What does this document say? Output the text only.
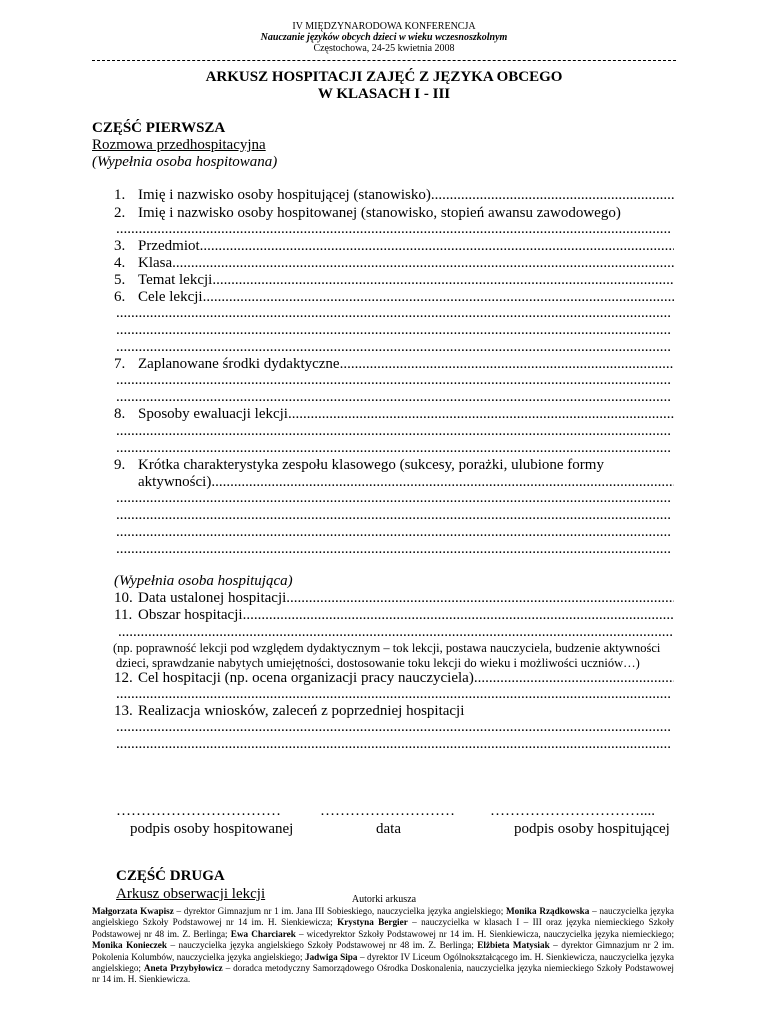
IV MIĘDZYNARODOWA KONFERENCJA
Nauczanie języków obcych dzieci w wieku wczesnoszkolnym
Częstochowa, 24-25 kwietnia 2008
ARKUSZ HOSPITACJI ZAJĘĆ Z JĘZYKA OBCEGO
W KLASACH I - III
CZĘŚĆ PIERWSZA
Rozmowa przedhospitacyjna
(Wypełnia osoba hospitowana)
1. Imię i nazwisko osoby hospitującej (stanowisko)
.....
2. Imię i nazwisko osoby hospitowanej (stanowisko, stopień awansu zawodowego)
.....
3. Przedmiot
.....
4. Klasa
.....
5. Temat lekcji
.....
6. Cele lekcji
.....
.....
.....
.....
7. Zaplanowane środki dydaktyczne
.....
.....
.....
8. Sposoby ewaluacji lekcji
.....
.....
.....
9. Krótka charakterystyka zespołu klasowego (sukcesy, porażki, ulubione formy
aktywności)
.....
.....
.....
.....
.....
(Wypełnia osoba hospitująca)
10. Data ustalonej hospitacji
.....
11. Obszar hospitacji
.....
.....
(np. poprawność lekcji pod względem dydaktycznym – tok lekcji, postawa nauczyciela, budzenie aktywności
dzieci, sprawdzanie nabytych umiejętności, dostosowanie toku lekcji do wieku i możliwości uczniów…)
12. Cel hospitacji (np. ocena organizacji pracy nauczyciela)
.....
.....
13. Realizacja wniosków, zaleceń z poprzedniej hospitacji
.....
.....
……………………………	……………………… …………………………....
podpis osoby hospitowanej	data	podpis osoby hospitującej
CZĘŚĆ DRUGA
Arkusz obserwacji lekcji	Autorki arkusza
Małgorzata Kwapisz – dyrektor Gimnazjum nr 1 im. Jana III Sobieskiego, nauczycielka języka angielskiego; Monika Rządkowska – nauczycielka języka angielskiego Szkoły Podstawowej nr 14 im. H. Sienkiewicza; Krystyna Bergier – nauczycielka w klasach I – III oraz języka niemieckiego Szkoły Podstawowej nr 48 im. Z. Berlinga; Ewa Charciarek – wicedyrektor Szkoły Podstawowej nr 14 im. H. Sienkiewicza, nauczycielka języka niemieckiego; Monika Konieczek – nauczycielka języka angielskiego Szkoły Podstawowej nr 48 im. Z. Berlinga; Elżbieta Matysiak – dyrektor Gimnazjum nr 2 im. Pokolenia Kolumbów, nauczycielka języka angielskiego; Jadwiga Sipa – dyrektor IV Liceum Ogólnokształcącego im. H. Sienkiewicza, nauczycielka języka angielskiego; Aneta Przybyłowicz – doradca metodyczny Samorządowego Ośrodka Doskonalenia, nauczycielka języka niemieckiego Szkoły Podstawowej nr 14 im. H. Sienkiewicza.
